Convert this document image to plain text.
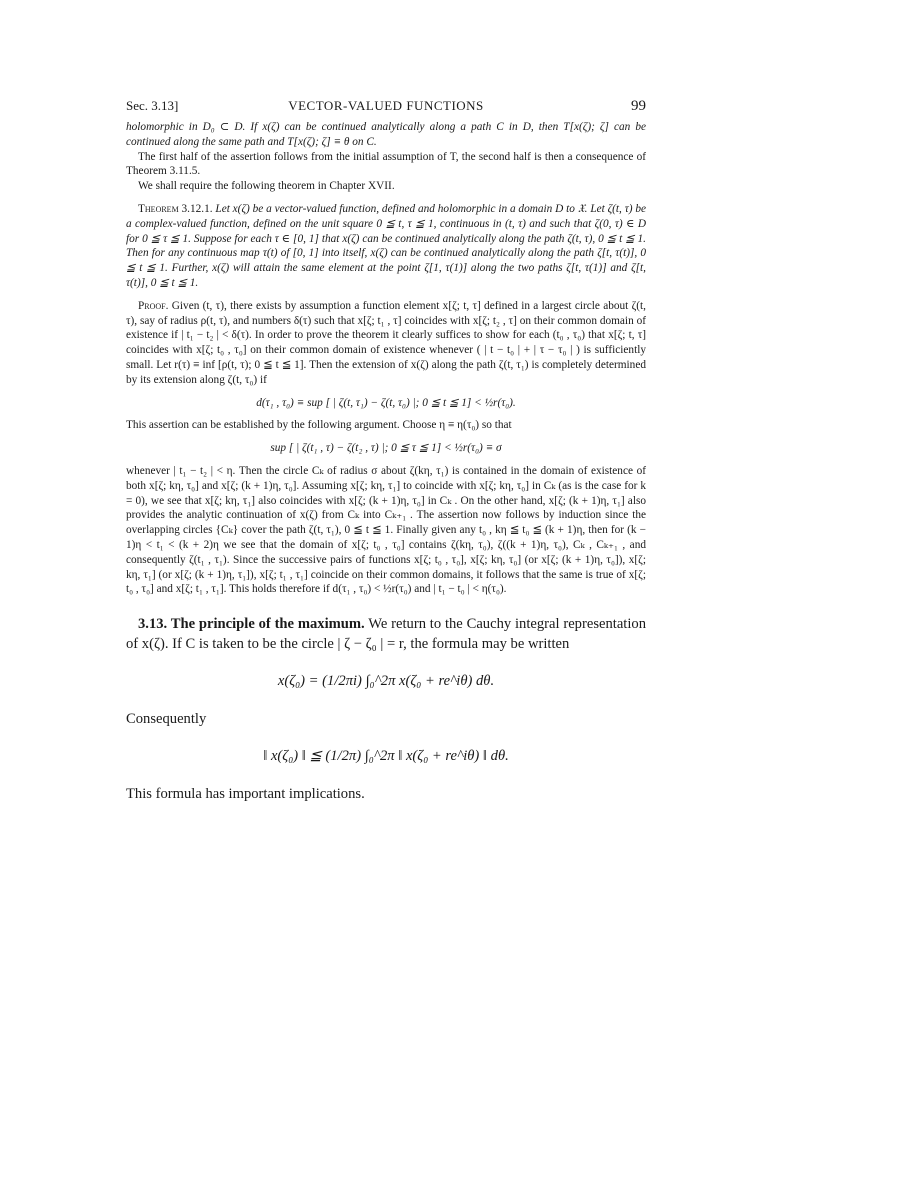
Sec. 3.13]	VECTOR-VALUED FUNCTIONS	99

holomorphic in D₀ ⊂ D. If x(ζ) can be continued analytically along a path C in D, then T[x(ζ); ζ] can be continued along the same path and T[x(ζ); ζ] ≡ θ on C.

The first half of the assertion follows from the initial assumption of T, the second half is then a consequence of Theorem 3.11.5.

We shall require the following theorem in Chapter XVII.

Theorem 3.12.1. Let x(ζ) be a vector-valued function, defined and holomorphic in a domain D to 𝔛. Let ζ(t, τ) be a complex-valued function, defined on the unit square 0 ≦ t, τ ≦ 1, continuous in (t, τ) and such that ζ(0, τ) ∈ D for 0 ≦ τ ≦ 1. Suppose for each τ ∈ [0, 1] that x(ζ) can be continued analytically along the path ζ(t, τ), 0 ≦ t ≦ 1. Then for any continuous map τ(t) of [0, 1] into itself, x(ζ) can be continued analytically along the path ζ[t, τ(t)], 0 ≦ t ≦ 1. Further, x(ζ) will attain the same element at the point ζ[1, τ(1)] along the two paths ζ[t, τ(1)] and ζ[t, τ(t)], 0 ≦ t ≦ 1.

Proof. Given (t, τ), there exists by assumption a function element x[ζ; t, τ] defined in a largest circle about ζ(t, τ), say of radius ρ(t, τ), and numbers δ(τ) such that x[ζ; t₁ , τ] coincides with x[ζ; t₂ , τ] on their common domain of existence if | t₁ − t₂ | < δ(τ). In order to prove the theorem it clearly suffices to show for each (t₀ , τ₀) that x[ζ; t, τ] coincides with x[ζ; t₀ , τ₀] on their common domain of existence whenever ( | t − t₀ | + | τ − τ₀ | ) is sufficiently small. Let r(τ) ≡ inf [ρ(t, τ); 0 ≦ t ≦ 1]. Then the extension of x(ζ) along the path ζ(t, τ₁) is completely determined by its extension along ζ(t, τ₀) if

d(τ₁ , τ₀) ≡ sup [ | ζ(t, τ₁) − ζ(t, τ₀) |; 0 ≦ t ≦ 1] < ½r(τ₀).

This assertion can be established by the following argument. Choose η ≡ η(τ₀) so that

sup [ | ζ(t₁ , τ) − ζ(t₂ , τ) |; 0 ≦ τ ≦ 1] < ½r(τ₀) ≡ σ

whenever | t₁ − t₂ | < η. Then the circle Cₖ of radius σ about ζ(kη, τ₁) is contained in the domain of existence of both x[ζ; kη, τ₀] and x[ζ; (k + 1)η, τ₀]. Assuming x[ζ; kη, τ₁] to coincide with x[ζ; kη, τ₀] in Cₖ (as is the case for k = 0), we see that x[ζ; kη, τ₁] also coincides with x[ζ; (k + 1)η, τ₀] in Cₖ . On the other hand, x[ζ; (k + 1)η, τ₁] also provides the analytic continuation of x(ζ) from Cₖ into Cₖ₊₁ . The assertion now follows by induction since the overlapping circles {Cₖ} cover the path ζ(t, τ₁), 0 ≦ t ≦ 1. Finally given any t₀ , kη ≦ t₀ ≦ (k + 1)η, then for (k − 1)η < t₁ < (k + 2)η we see that the domain of x[ζ; t₀ , τ₀] contains ζ(kη, τ₀), ζ((k + 1)η, τ₀), Cₖ , Cₖ₊₁ , and consequently ζ(t₁ , τ₁). Since the successive pairs of functions x[ζ; t₀ , τ₀], x[ζ; kη, τ₀] (or x[ζ; (k + 1)η, τ₀]), x[ζ; kη, τ₁] (or x[ζ; (k + 1)η, τ₁]), x[ζ; t₁ , τ₁] coincide on their common domains, it follows that the same is true of x[ζ; t₀ , τ₀] and x[ζ; t₁ , τ₁]. This holds therefore if d(τ₁ , τ₀) < ½r(τ₀) and | t₁ − t₀ | < η(τ₀).

3.13. The principle of the maximum. We return to the Cauchy integral representation of x(ζ). If C is taken to be the circle | ζ − ζ₀ | = r, the formula may be written

x(ζ₀) = (1/2πi) ∫₀^2π x(ζ₀ + re^iθ) dθ.

Consequently

‖ x(ζ₀) ‖ ≦ (1/2π) ∫₀^2π ‖ x(ζ₀ + re^iθ) ‖ dθ.

This formula has important implications.
